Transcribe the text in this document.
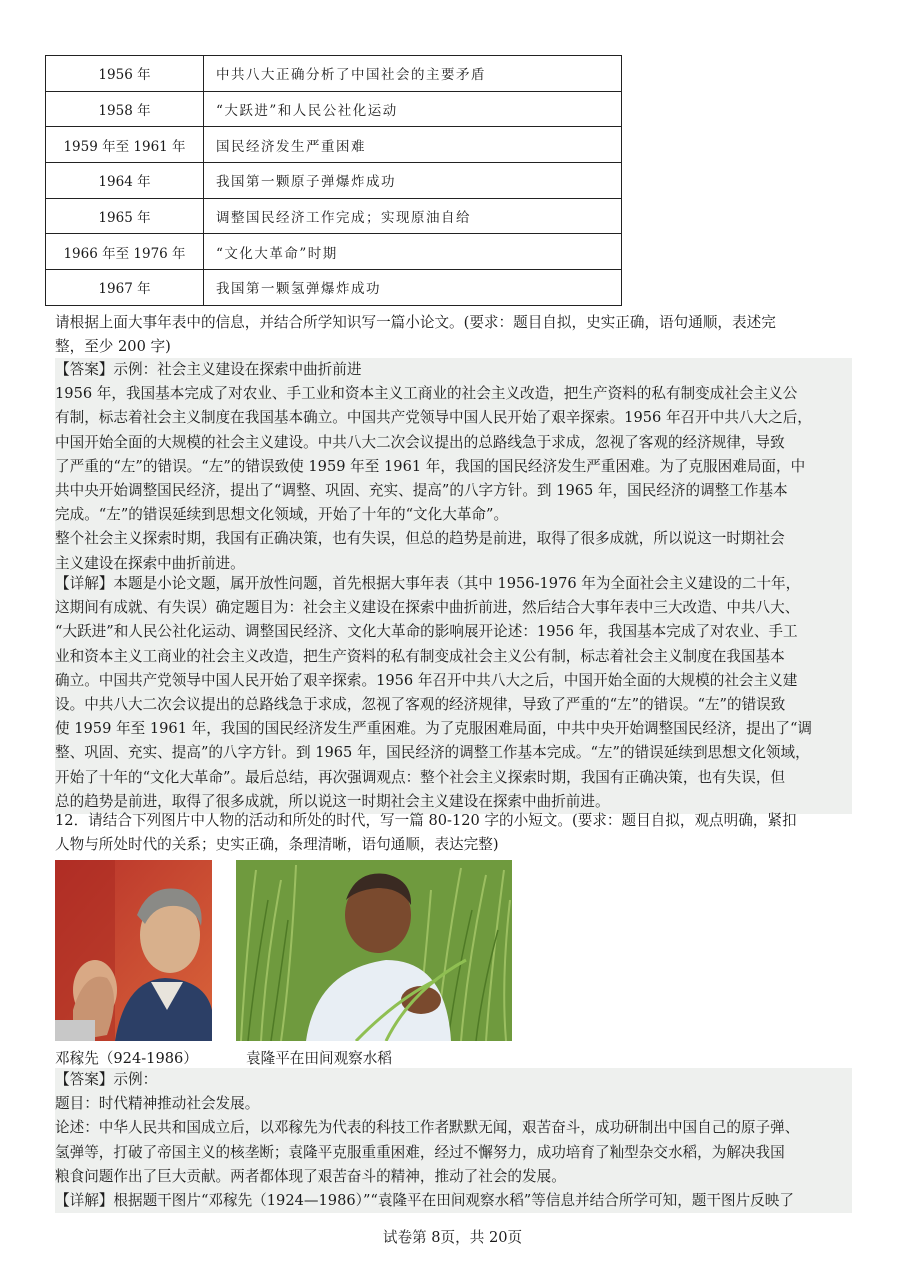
1956 年	中共八大正确分析了中国社会的主要矛盾
1958 年	“大跃进”和人民公社化运动
1959 年至 1961 年	国民经济发生严重困难
1964 年	我国第一颗原子弹爆炸成功
1965 年	调整国民经济工作完成；实现原油自给
1966 年至 1976 年	“文化大革命”时期
1967 年	我国第一颗氢弹爆炸成功

请根据上面大事年表中的信息，并结合所学知识写一篇小论文。(要求：题目自拟，史实正确，语句通顺，表述完

整，至少 200 字)

【答案】示例：社会主义建设在探索中曲折前进

1956 年，我国基本完成了对农业、手工业和资本主义工商业的社会主义改造，把生产资料的私有制变成社会主义公

有制，标志着社会主义制度在我国基本确立。中国共产党领导中国人民开始了艰辛探索。1956 年召开中共八大之后，

中国开始全面的大规模的社会主义建设。中共八大二次会议提出的总路线急于求成，忽视了客观的经济规律，导致

了严重的“左”的错误。“左”的错误致使 1959 年至 1961 年，我国的国民经济发生严重困难。为了克服困难局面，中

共中央开始调整国民经济，提出了“调整、巩固、充实、提高”的八字方针。到 1965 年，国民经济的调整工作基本

完成。“左”的错误延续到思想文化领域，开始了十年的“文化大革命”。

整个社会主义探索时期，我国有正确决策，也有失误，但总的趋势是前进，取得了很多成就，所以说这一时期社会

主义建设在探索中曲折前进。

【详解】本题是小论文题，属开放性问题，首先根据大事年表（其中 1956-1976 年为全面社会主义建设的二十年，

这期间有成就、有失误）确定题目为：社会主义建设在探索中曲折前进，然后结合大事年表中三大改造、中共八大、

“大跃进”和人民公社化运动、调整国民经济、文化大革命的影响展开论述：1956 年，我国基本完成了对农业、手工

业和资本主义工商业的社会主义改造，把生产资料的私有制变成社会主义公有制，标志着社会主义制度在我国基本

确立。中国共产党领导中国人民开始了艰辛探索。1956 年召开中共八大之后，中国开始全面的大规模的社会主义建

设。中共八大二次会议提出的总路线急于求成，忽视了客观的经济规律，导致了严重的“左”的错误。“左”的错误致

使 1959 年至 1961 年，我国的国民经济发生严重困难。为了克服困难局面，中共中央开始调整国民经济，提出了“调

整、巩固、充实、提高”的八字方针。到 1965 年，国民经济的调整工作基本完成。“左”的错误延续到思想文化领域，

开始了十年的“文化大革命”。最后总结，再次强调观点：整个社会主义探索时期，我国有正确决策，也有失误，但

总的趋势是前进，取得了很多成就，所以说这一时期社会主义建设在探索中曲折前进。

12．请结合下列图片中人物的活动和所处的时代，写一篇 80-120 字的小短文。(要求：题目自拟，观点明确，紧扣

人物与所处时代的关系；史实正确，条理清晰，语句通顺，表达完整)

邓稼先（924-1986）	袁隆平在田间观察水稻

【答案】示例：

题目：时代精神推动社会发展。

论述：中华人民共和国成立后，以邓稼先为代表的科技工作者默默无闻，艰苦奋斗，成功研制出中国自己的原子弹、

氢弹等，打破了帝国主义的核垄断；袁隆平克服重重困难，经过不懈努力，成功培育了籼型杂交水稻，为解决我国

粮食问题作出了巨大贡献。两者都体现了艰苦奋斗的精神，推动了社会的发展。

【详解】根据题干图片“邓稼先（1924—1986）”“袁隆平在田间观察水稻”等信息并结合所学可知，题干图片反映了

试卷第 8页，共 20页
